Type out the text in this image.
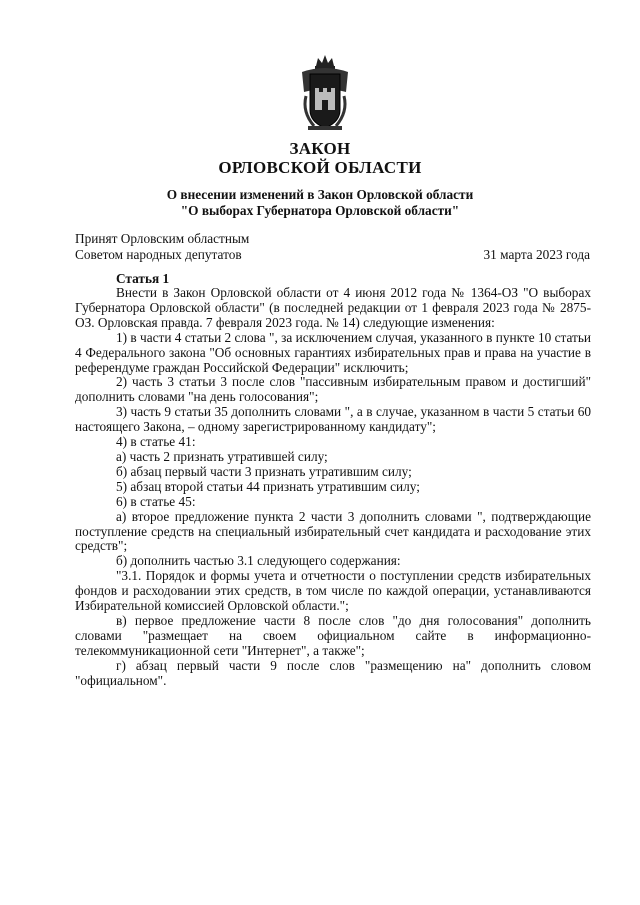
ЗАКОН
ОРЛОВСКОЙ ОБЛАСТИ
О внесении изменений в Закон Орловской области
"О выборах Губернатора Орловской области"
Принят Орловским областным
Советом народных депутатов	31 марта 2023 года
Статья 1

Внести в Закон Орловской области от 4 июня 2012 года № 1364-ОЗ "О выборах Губернатора Орловской области" (в последней редакции от 1 февраля 2023 года № 2875-ОЗ. Орловская правда. 7 февраля 2023 года. № 14) следующие изменения:

1) в части 4 статьи 2 слова ", за исключением случая, указанного в пункте 10 статьи 4 Федерального закона "Об основных гарантиях избирательных прав и права на участие в референдуме граждан Российской Федерации" исключить;

2) часть 3 статьи 3 после слов "пассивным избирательным правом и достигший" дополнить словами "на день голосования";

3) часть 9 статьи 35 дополнить словами ", а в случае, указанном в части 5 статьи 60 настоящего Закона, – одному зарегистрированному кандидату";

4) в статье 41:

а) часть 2 признать утратившей силу;

б) абзац первый части 3 признать утратившим силу;

5) абзац второй статьи 44 признать утратившим силу;

6) в статье 45:

а) второе предложение пункта 2 части 3 дополнить словами ", подтверждающие поступление средств на специальный избирательный счет кандидата и расходование этих средств";

б) дополнить частью 3.1 следующего содержания:

"3.1. Порядок и формы учета и отчетности о поступлении средств избирательных фондов и расходовании этих средств, в том числе по каждой операции, устанавливаются Избирательной комиссией Орловской области.";

в) первое предложение части 8 после слов "до дня голосования" дополнить словами "размещает на своем официальном сайте в информационно-телекоммуникационной сети "Интернет", а также";

г) абзац первый части 9 после слов "размещению на" дополнить словом "официальном".
